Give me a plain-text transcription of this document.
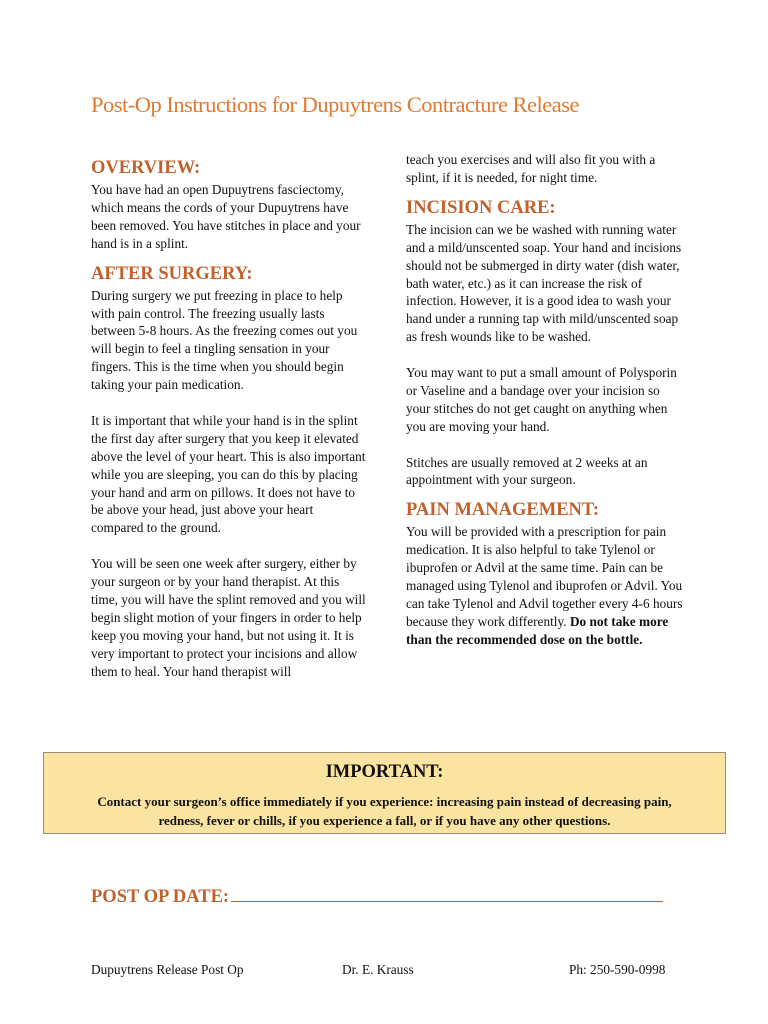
Post-Op Instructions for Dupuytrens Contracture Release
OVERVIEW:

You have had an open Dupuytrens fasciectomy, which means the cords of your Dupuytrens have been removed. You have stitches in place and your hand is in a splint.

AFTER SURGERY:

During surgery we put freezing in place to help with pain control. The freezing usually lasts between 5-8 hours. As the freezing comes out you will begin to feel a tingling sensation in your fingers. This is the time when you should begin taking your pain medication.

It is important that while your hand is in the splint the first day after surgery that you keep it elevated above the level of your heart. This is also important while you are sleeping, you can do this by placing your hand and arm on pillows. It does not have to be above your head, just above your heart compared to the ground.

You will be seen one week after surgery, either by your surgeon or by your hand therapist. At this time, you will have the splint removed and you will begin slight motion of your fingers in order to help keep you moving your hand, but not using it. It is very important to protect your incisions and allow them to heal. Your hand therapist will

teach you exercises and will also fit you with a splint, if it is needed, for night time.

INCISION CARE:

The incision can we be washed with running water and a mild/unscented soap. Your hand and incisions should not be submerged in dirty water (dish water, bath water, etc.) as it can increase the risk of infection. However, it is a good idea to wash your hand under a running tap with mild/unscented soap as fresh wounds like to be washed.

You may want to put a small amount of Polysporin or Vaseline and a bandage over your incision so your stitches do not get caught on anything when you are moving your hand.

Stitches are usually removed at 2 weeks at an appointment with your surgeon.

PAIN MANAGEMENT:

You will be provided with a prescription for pain medication. It is also helpful to take Tylenol or ibuprofen or Advil at the same time. Pain can be managed using Tylenol and ibuprofen or Advil. You can take Tylenol and Advil together every 4-6 hours because they work differently. Do not take more than the recommended dose on the bottle.

IMPORTANT:
Contact your surgeon’s office immediately if you experience: increasing pain instead of decreasing pain, redness, fever or chills, if you experience a fall, or if you have any other questions.
POST OP DATE:
Dupuytrens Release Post Op	Dr. E. Krauss	Ph: 250-590-0998
